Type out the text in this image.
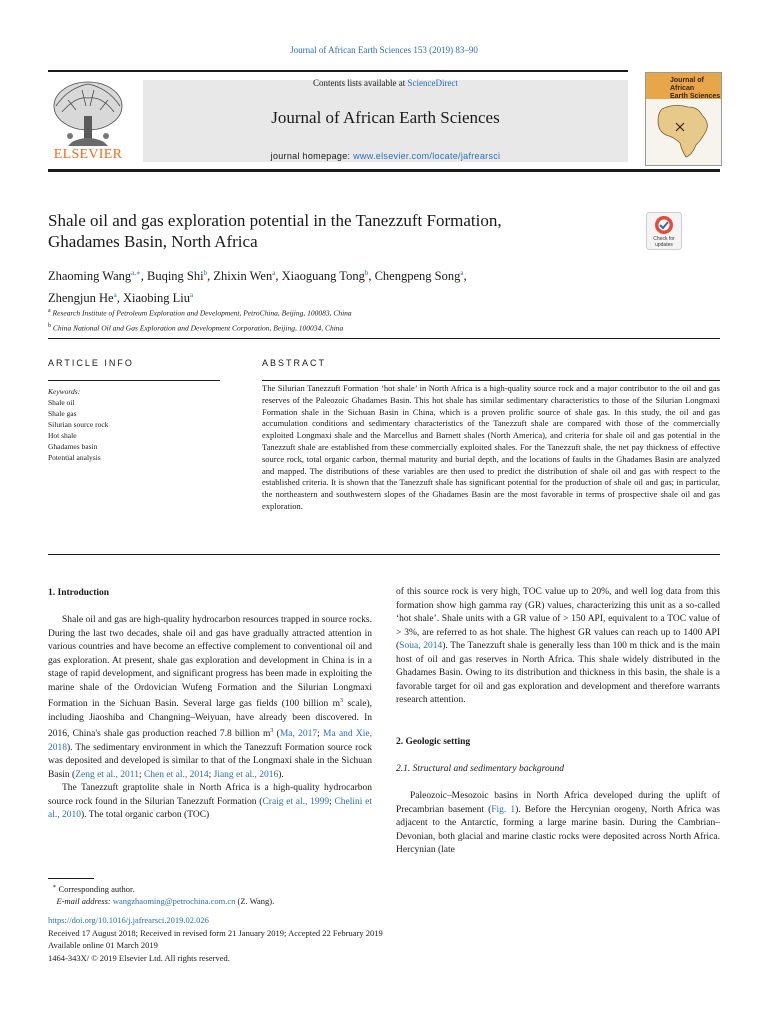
Journal of African Earth Sciences 153 (2019) 83–90
ELSEVIER
Contents lists available at ScienceDirect
Journal of African Earth Sciences
journal homepage: www.elsevier.com/locate/jafrearsci
Journal of
African
Earth Sciences
Shale oil and gas exploration potential in the Tanezzuft Formation,
Ghadames Basin, North Africa	Check for
updates
Zhaoming Wang$^{a,∗}$, Buqing Shi$^b$, Zhixin Wen$^a$, Xiaoguang Tong$^b$, Chengpeng Song$^a$,
Zhengjun He$^a$, Xiaobing Liu$^a$
$^a$ Research Institute of Petroleum Exploration and Development, PetroChina, Beijing, 100083, China
$^b$ China National Oil and Gas Exploration and Development Corporation, Beijing, 100034, China
ARTICLE INFO	ABSTRACT
Keywords:
Shale oil
Shale gas
Silurian source rock
Hot shale
Ghadames basin
Potential analysis
The Silurian Tanezzuft Formation ‘hot shale’ in North Africa is a high-quality source rock and a major contributor to the oil and gas reserves of the Paleozoic Ghadames Basin. This hot shale has similar sedimentary characteristics to those of the Silurian Longmaxi Formation shale in the Sichuan Basin in China, which is a proven prolific source of shale gas. In this study, the oil and gas accumulation conditions and sedimentary characteristics of the Tanezzuft shale are compared with those of the commercially exploited Longmaxi shale and the Marcellus and Barnett shales (North America), and criteria for shale oil and gas potential in the Tanezzuft shale are established from these commercially exploited shales. For the Tanezzuft shale, the net pay thickness of effective source rock, total organic carbon, thermal maturity and burial depth, and the locations of faults in the Ghadames Basin are analyzed and mapped. The distributions of these variables are then used to predict the distribution of shale oil and gas with respect to the established criteria. It is shown that the Tanezzuft shale has significant potential for the production of shale oil and gas; in particular, the northeastern and southwestern slopes of the Ghadames Basin are the most favorable in terms of prospective shale oil and gas exploration.
1. Introduction

Shale oil and gas are high-quality hydrocarbon resources trapped in source rocks. During the last two decades, shale oil and gas have gradually attracted attention in various countries and have become an effective complement to conventional oil and gas exploration. At present, shale gas exploration and development in China is in a stage of rapid development, and significant progress has been made in exploiting the marine shale of the Ordovician Wufeng Formation and the Silurian Longmaxi Formation in the Sichuan Basin. Several large gas fields (100 billion $m^3$ scale), including Jiaoshiba and Changning–Weiyuan, have already been discovered. In 2016, China's shale gas production reached 7.8 billion $m^3$ (Ma, 2017; Ma and Xie, 2018). The sedimentary environment in which the Tanezzuft Formation source rock was deposited and developed is similar to that of the Longmaxi shale in the Sichuan Basin (Zeng et al., 2011; Chen et al., 2014; Jiang et al., 2016).

The Tanezzuft graptolite shale in North Africa is a high-quality hydrocarbon source rock found in the Silurian Tanezzuft Formation (Craig et al., 1999; Chelini et al., 2010). The total organic carbon (TOC)

of this source rock is very high, TOC value up to 20%, and well log data from this formation show high gamma ray (GR) values, characterizing this unit as a so-called ‘hot shale’. Shale units with a GR value of > 150 API, equivalent to a TOC value of > 3%, are referred to as hot shale. The highest GR values can reach up to 1400 API (Soua, 2014). The Tanezzuft shale is generally less than 100 m thick and is the main host of oil and gas reserves in North Africa. This shale widely distributed in the Ghadames Basin. Owing to its distribution and thickness in this basin, the shale is a favorable target for oil and gas exploration and development and therefore warrants research attention.

2. Geologic setting
2.1. Structural and sedimentary background

Paleozoic–Mesozoic basins in North Africa developed during the uplift of Precambrian basement (Fig. 1). Before the Hercynian orogeny, North Africa was adjacent to the Antarctic, forming a large marine basin. During the Cambrian–Devonian, both glacial and marine clastic rocks were deposited across North Africa. Hercynian (late

∗ Corresponding author.
E-mail address: wangzhaoming@petrochina.com.cn (Z. Wang).
https://doi.org/10.1016/j.jafrearsci.2019.02.026
Received 17 August 2018; Received in revised form 21 January 2019; Accepted 22 February 2019
Available online 01 March 2019
1464-343X/ © 2019 Elsevier Ltd. All rights reserved.
